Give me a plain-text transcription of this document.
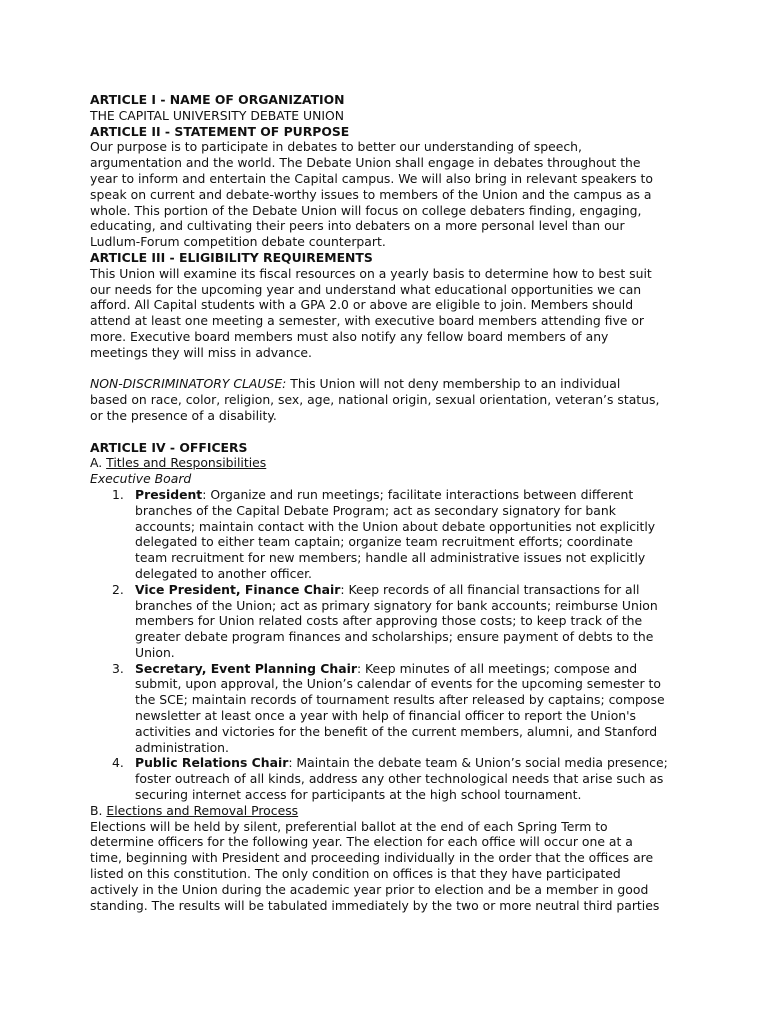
ARTICLE I - NAME OF ORGANIZATION
THE CAPITAL UNIVERSITY DEBATE UNION
ARTICLE II - STATEMENT OF PURPOSE
Our purpose is to participate in debates to better our understanding of speech,
argumentation and the world. The Debate Union shall engage in debates throughout the
year to inform and entertain the Capital campus. We will also bring in relevant speakers to
speak on current and debate-worthy issues to members of the Union and the campus as a
whole. This portion of the Debate Union will focus on college debaters finding, engaging,
educating, and cultivating their peers into debaters on a more personal level than our
Ludlum-Forum competition debate counterpart.
ARTICLE III - ELIGIBILITY REQUIREMENTS
This Union will examine its fiscal resources on a yearly basis to determine how to best suit
our needs for the upcoming year and understand what educational opportunities we can
afford. All Capital students with a GPA 2.0 or above are eligible to join. Members should
attend at least one meeting a semester, with executive board members attending five or
more. Executive board members must also notify any fellow board members of any
meetings they will miss in advance.
NON-DISCRIMINATORY CLAUSE: This Union will not deny membership to an individual
based on race, color, religion, sex, age, national origin, sexual orientation, veteran’s status,
or the presence of a disability.
ARTICLE IV - OFFICERS
A. Titles and Responsibilities
Executive Board
1. President: Organize and run meetings; facilitate interactions between different
branches of the Capital Debate Program; act as secondary signatory for bank
accounts; maintain contact with the Union about debate opportunities not explicitly
delegated to either team captain; organize team recruitment efforts; coordinate
team recruitment for new members; handle all administrative issues not explicitly
delegated to another officer.
2. Vice President, Finance Chair: Keep records of all financial transactions for all
branches of the Union; act as primary signatory for bank accounts; reimburse Union
members for Union related costs after approving those costs; to keep track of the
greater debate program finances and scholarships; ensure payment of debts to the
Union.
3. Secretary, Event Planning Chair: Keep minutes of all meetings; compose and
submit, upon approval, the Union’s calendar of events for the upcoming semester to
the SCE; maintain records of tournament results after released by captains; compose
newsletter at least once a year with help of financial officer to report the Union's
activities and victories for the benefit of the current members, alumni, and Stanford
administration.
4. Public Relations Chair: Maintain the debate team & Union’s social media presence;
foster outreach of all kinds, address any other technological needs that arise such as
securing internet access for participants at the high school tournament.
B. Elections and Removal Process
Elections will be held by silent, preferential ballot at the end of each Spring Term to
determine officers for the following year. The election for each office will occur one at a
time, beginning with President and proceeding individually in the order that the offices are
listed on this constitution. The only condition on offices is that they have participated
actively in the Union during the academic year prior to election and be a member in good
standing. The results will be tabulated immediately by the two or more neutral third parties
